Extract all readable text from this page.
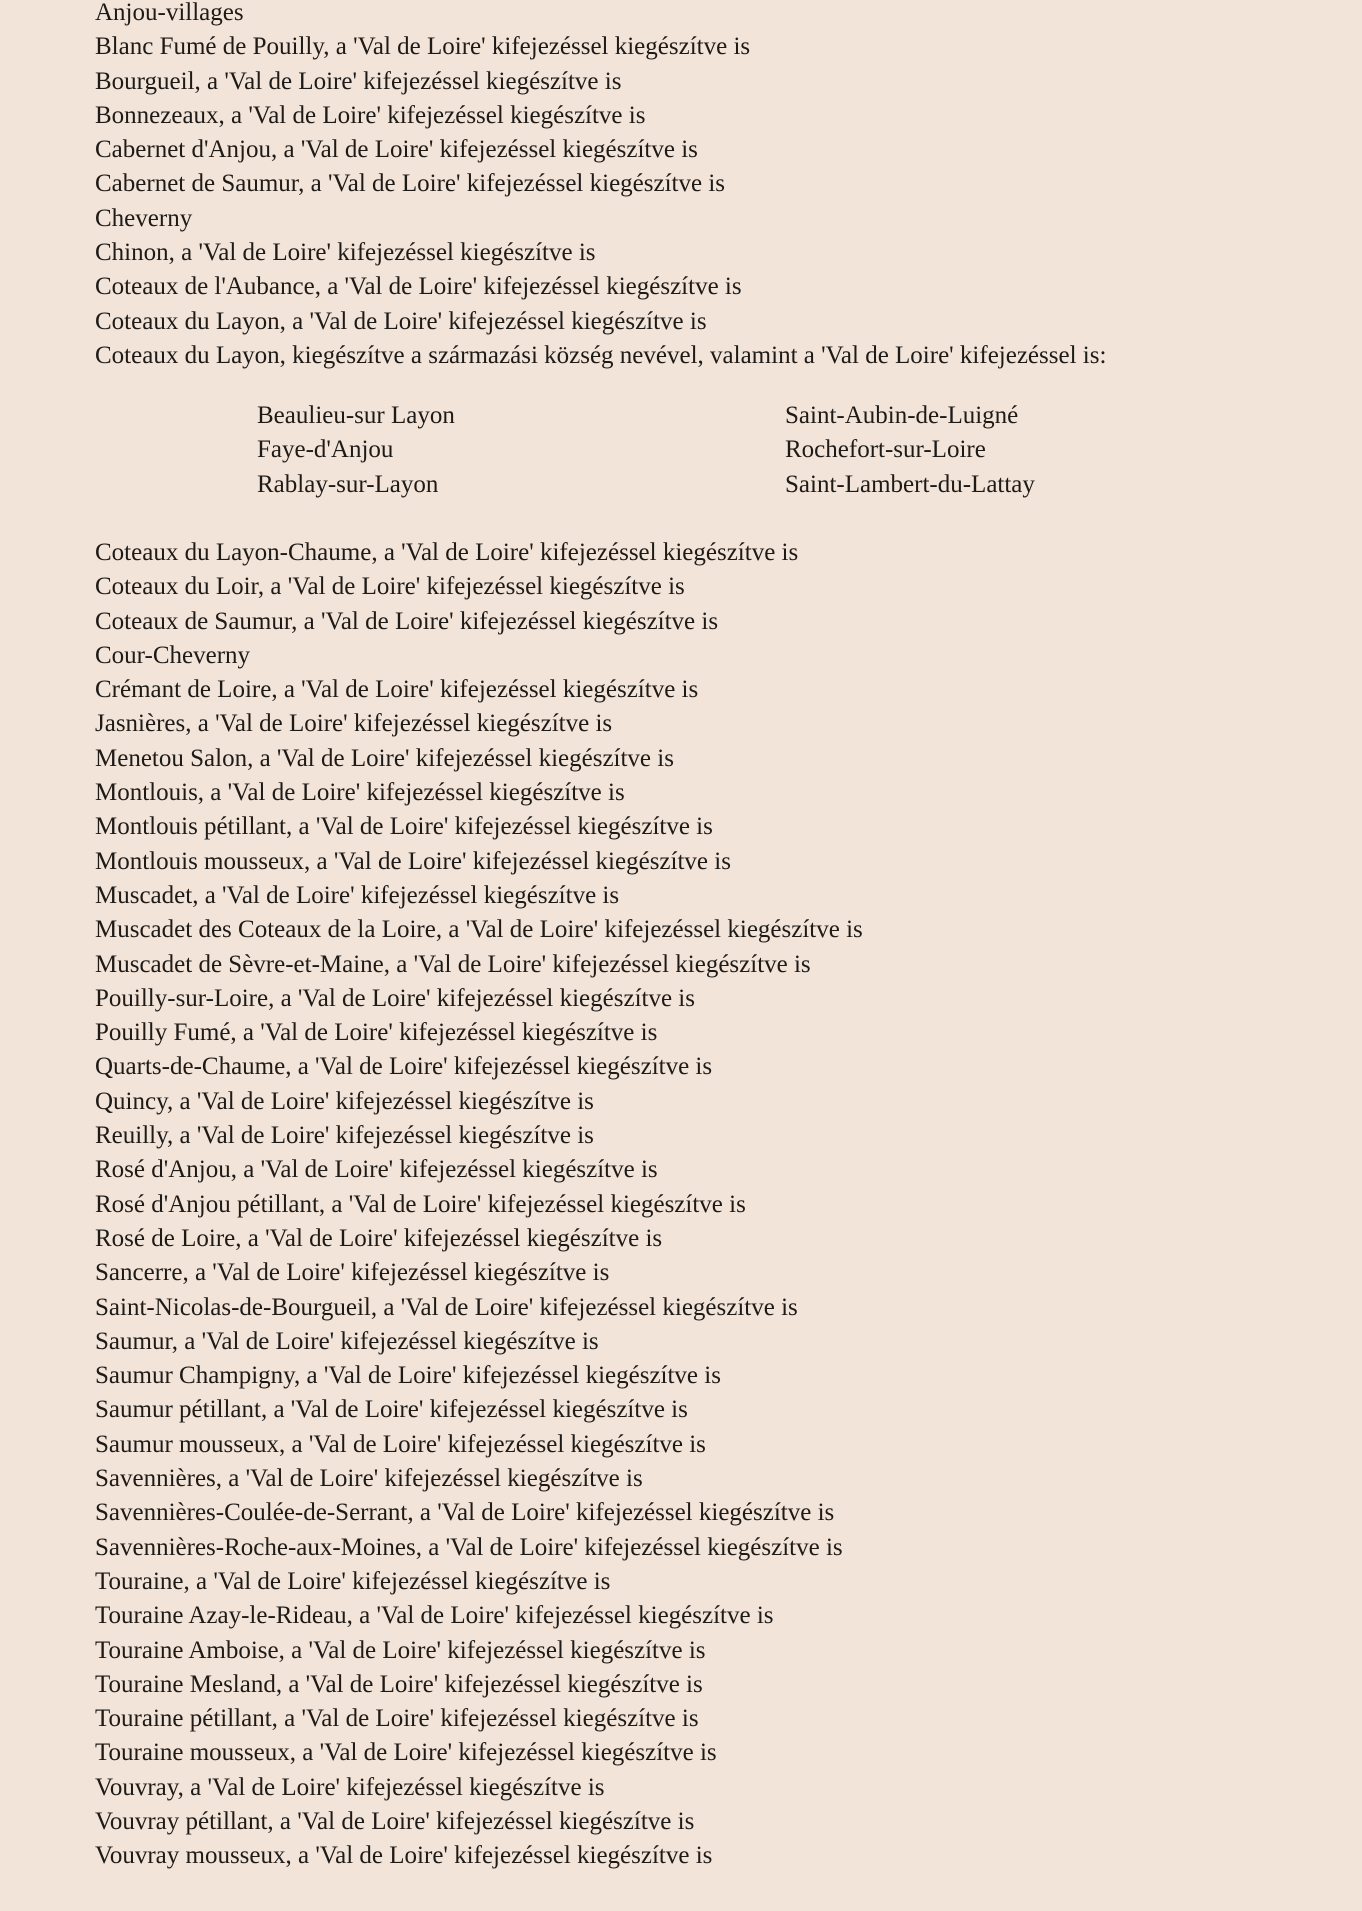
Anjou-villages
Blanc Fumé de Pouilly, a 'Val de Loire' kifejezéssel kiegészítve is
Bourgueil, a 'Val de Loire' kifejezéssel kiegészítve is
Bonnezeaux, a 'Val de Loire' kifejezéssel kiegészítve is
Cabernet d'Anjou, a 'Val de Loire' kifejezéssel kiegészítve is
Cabernet de Saumur, a 'Val de Loire' kifejezéssel kiegészítve is
Cheverny
Chinon, a 'Val de Loire' kifejezéssel kiegészítve is
Coteaux de l'Aubance, a 'Val de Loire' kifejezéssel kiegészítve is
Coteaux du Layon, a 'Val de Loire' kifejezéssel kiegészítve is
Coteaux du Layon, kiegészítve a származási község nevével, valamint a 'Val de Loire' kifejezéssel is:
Beaulieu-sur Layon
Faye-d'Anjou
Rablay-sur-Layon
Saint-Aubin-de-Luigné
Rochefort-sur-Loire
Saint-Lambert-du-Lattay
Coteaux du Layon-Chaume, a 'Val de Loire' kifejezéssel kiegészítve is
Coteaux du Loir, a 'Val de Loire' kifejezéssel kiegészítve is
Coteaux de Saumur, a 'Val de Loire' kifejezéssel kiegészítve is
Cour-Cheverny
Crémant de Loire, a 'Val de Loire' kifejezéssel kiegészítve is
Jasnières, a 'Val de Loire' kifejezéssel kiegészítve is
Menetou Salon, a 'Val de Loire' kifejezéssel kiegészítve is
Montlouis, a 'Val de Loire' kifejezéssel kiegészítve is
Montlouis pétillant, a 'Val de Loire' kifejezéssel kiegészítve is
Montlouis mousseux, a 'Val de Loire' kifejezéssel kiegészítve is
Muscadet, a 'Val de Loire' kifejezéssel kiegészítve is
Muscadet des Coteaux de la Loire, a 'Val de Loire' kifejezéssel kiegészítve is
Muscadet de Sèvre-et-Maine, a 'Val de Loire' kifejezéssel kiegészítve is
Pouilly-sur-Loire, a 'Val de Loire' kifejezéssel kiegészítve is
Pouilly Fumé, a 'Val de Loire' kifejezéssel kiegészítve is
Quarts-de-Chaume, a 'Val de Loire' kifejezéssel kiegészítve is
Quincy, a 'Val de Loire' kifejezéssel kiegészítve is
Reuilly, a 'Val de Loire' kifejezéssel kiegészítve is
Rosé d'Anjou, a 'Val de Loire' kifejezéssel kiegészítve is
Rosé d'Anjou pétillant, a 'Val de Loire' kifejezéssel kiegészítve is
Rosé de Loire, a 'Val de Loire' kifejezéssel kiegészítve is
Sancerre, a 'Val de Loire' kifejezéssel kiegészítve is
Saint-Nicolas-de-Bourgueil, a 'Val de Loire' kifejezéssel kiegészítve is
Saumur, a 'Val de Loire' kifejezéssel kiegészítve is
Saumur Champigny, a 'Val de Loire' kifejezéssel kiegészítve is
Saumur pétillant, a 'Val de Loire' kifejezéssel kiegészítve is
Saumur mousseux, a 'Val de Loire' kifejezéssel kiegészítve is
Savennières, a 'Val de Loire' kifejezéssel kiegészítve is
Savennières-Coulée-de-Serrant, a 'Val de Loire' kifejezéssel kiegészítve is
Savennières-Roche-aux-Moines, a 'Val de Loire' kifejezéssel kiegészítve is
Touraine, a 'Val de Loire' kifejezéssel kiegészítve is
Touraine Azay-le-Rideau, a 'Val de Loire' kifejezéssel kiegészítve is
Touraine Amboise, a 'Val de Loire' kifejezéssel kiegészítve is
Touraine Mesland, a 'Val de Loire' kifejezéssel kiegészítve is
Touraine pétillant, a 'Val de Loire' kifejezéssel kiegészítve is
Touraine mousseux, a 'Val de Loire' kifejezéssel kiegészítve is
Vouvray, a 'Val de Loire' kifejezéssel kiegészítve is
Vouvray pétillant, a 'Val de Loire' kifejezéssel kiegészítve is
Vouvray mousseux, a 'Val de Loire' kifejezéssel kiegészítve is
